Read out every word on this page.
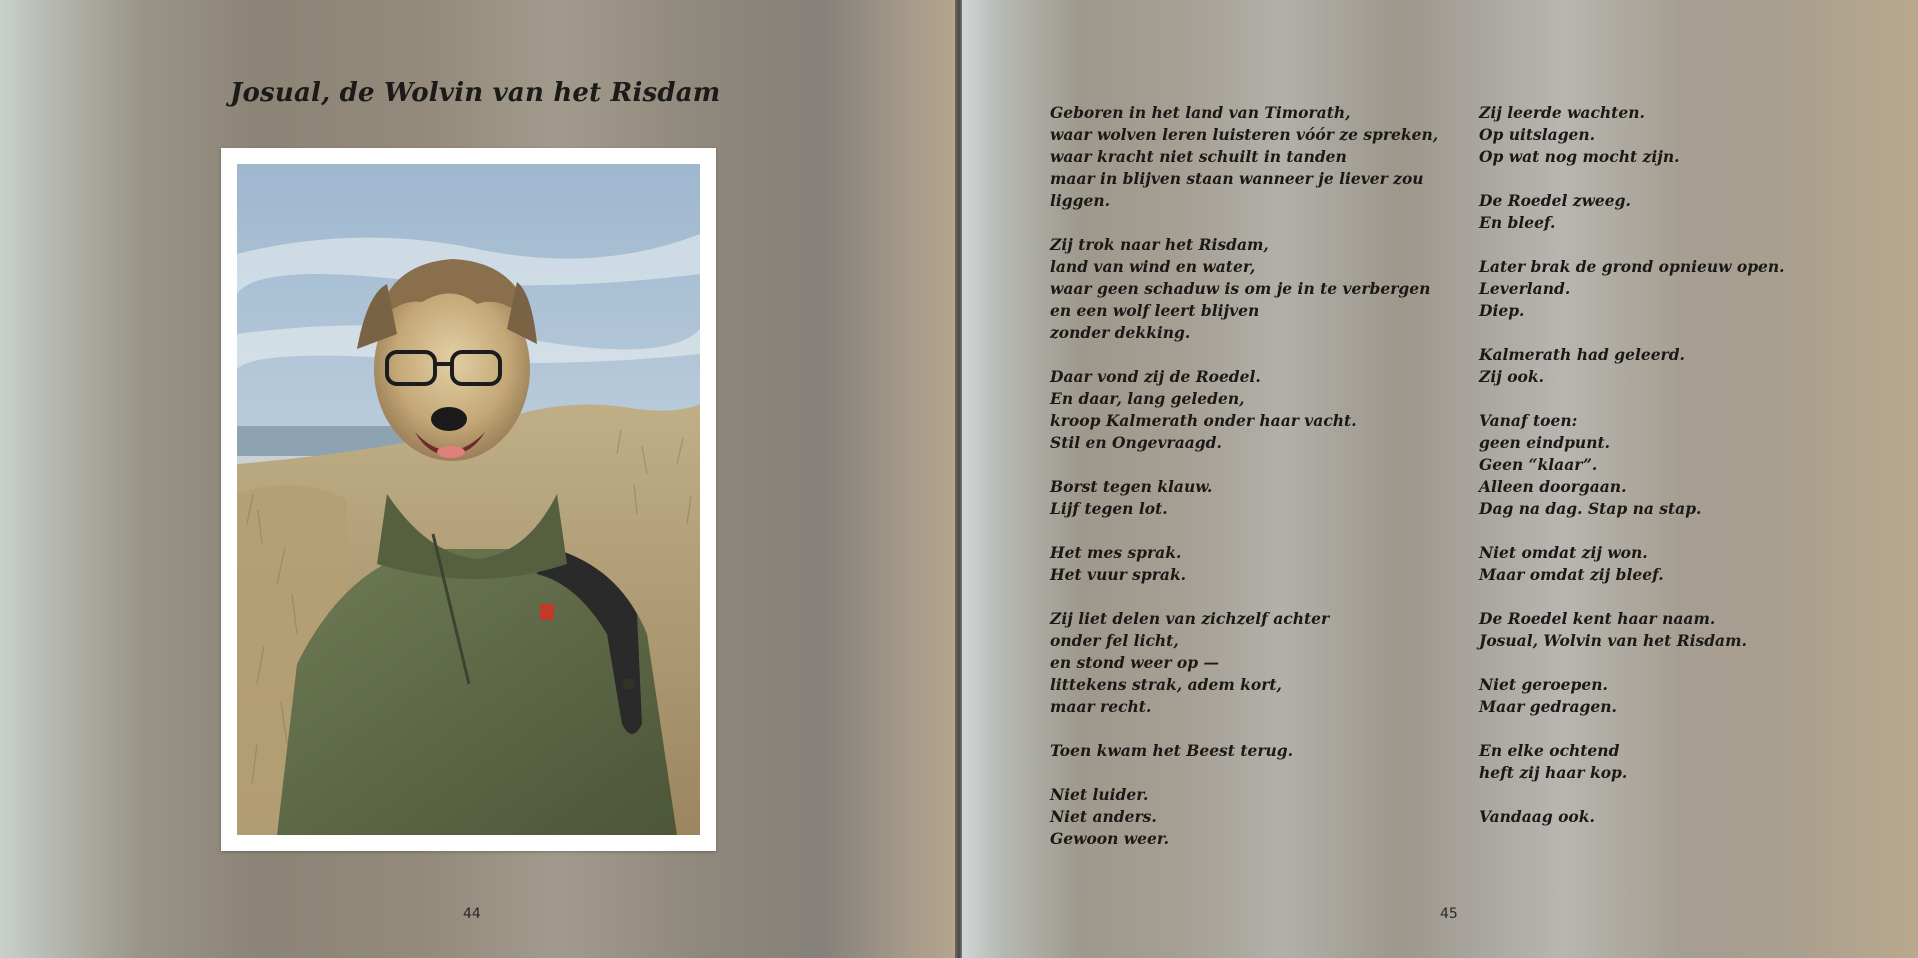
Josual, de Wolvin van het Risdam
44	45
Geboren in het land van Timorath,
waar wolven leren luisteren vóór ze spreken,
waar kracht niet schuilt in tanden
maar in blijven staan wanneer je liever zou
liggen.
Zij trok naar het Risdam,
land van wind en water,
waar geen schaduw is om je in te verbergen
en een wolf leert blijven
zonder dekking.
Daar vond zij de Roedel.
En daar, lang geleden,
kroop Kalmerath onder haar vacht.
Stil en Ongevraagd.
Borst tegen klauw.
Lijf tegen lot.
Het mes sprak.
Het vuur sprak.
Zij liet delen van zichzelf achter
onder fel licht,
en stond weer op —
littekens strak, adem kort,
maar recht.
Toen kwam het Beest terug.
Niet luider.
Niet anders.
Gewoon weer.
Zij leerde wachten.
Op uitslagen.
Op wat nog mocht zijn.
De Roedel zweeg.
En bleef.
Later brak de grond opnieuw open.
Leverland.
Diep.
Kalmerath had geleerd.
Zij ook.
Vanaf toen:
geen eindpunt.
Geen “klaar”.
Alleen doorgaan.
Dag na dag. Stap na stap.
Niet omdat zij won.
Maar omdat zij bleef.
De Roedel kent haar naam.
Josual, Wolvin van het Risdam.
Niet geroepen.
Maar gedragen.
En elke ochtend
heft zij haar kop.
Vandaag ook.
